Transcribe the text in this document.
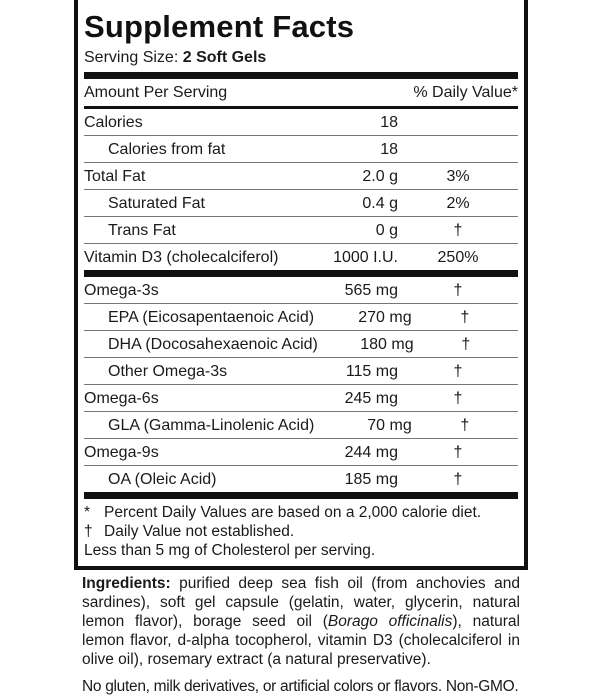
Supplement Facts
Serving Size: 2 Soft Gels
Amount Per Serving	% Daily Value*
Calories	18
Calories from fat	18
Total Fat	2.0 g	3%
Saturated Fat	0.4 g	2%
Trans Fat	0 g	†
Vitamin D3 (cholecalciferol)	1000 I.U.	250%
Omega-3s	565 mg	†
EPA (Eicosapentaenoic Acid)	270 mg	†
DHA (Docosahexaenoic Acid)	180 mg	†
Other Omega-3s	115 mg	†
Omega-6s	245 mg	†
GLA (Gamma-Linolenic Acid)	70 mg	†
Omega-9s	244 mg	†
OA (Oleic Acid)	185 mg	†
* Percent Daily Values are based on a 2,000 calorie diet.
† Daily Value not established.
Less than 5 mg of Cholesterol per serving.
Ingredients: purified deep sea fish oil (from anchovies and sardines), soft gel capsule (gelatin, water, glycerin, natural lemon flavor), borage seed oil (Borago officinalis), natural lemon flavor, d-alpha tocopherol, vitamin D3 (cholecalciferol in olive oil), rosemary extract (a natural preservative).
No gluten, milk derivatives, or artificial colors or flavors. Non-GMO.
